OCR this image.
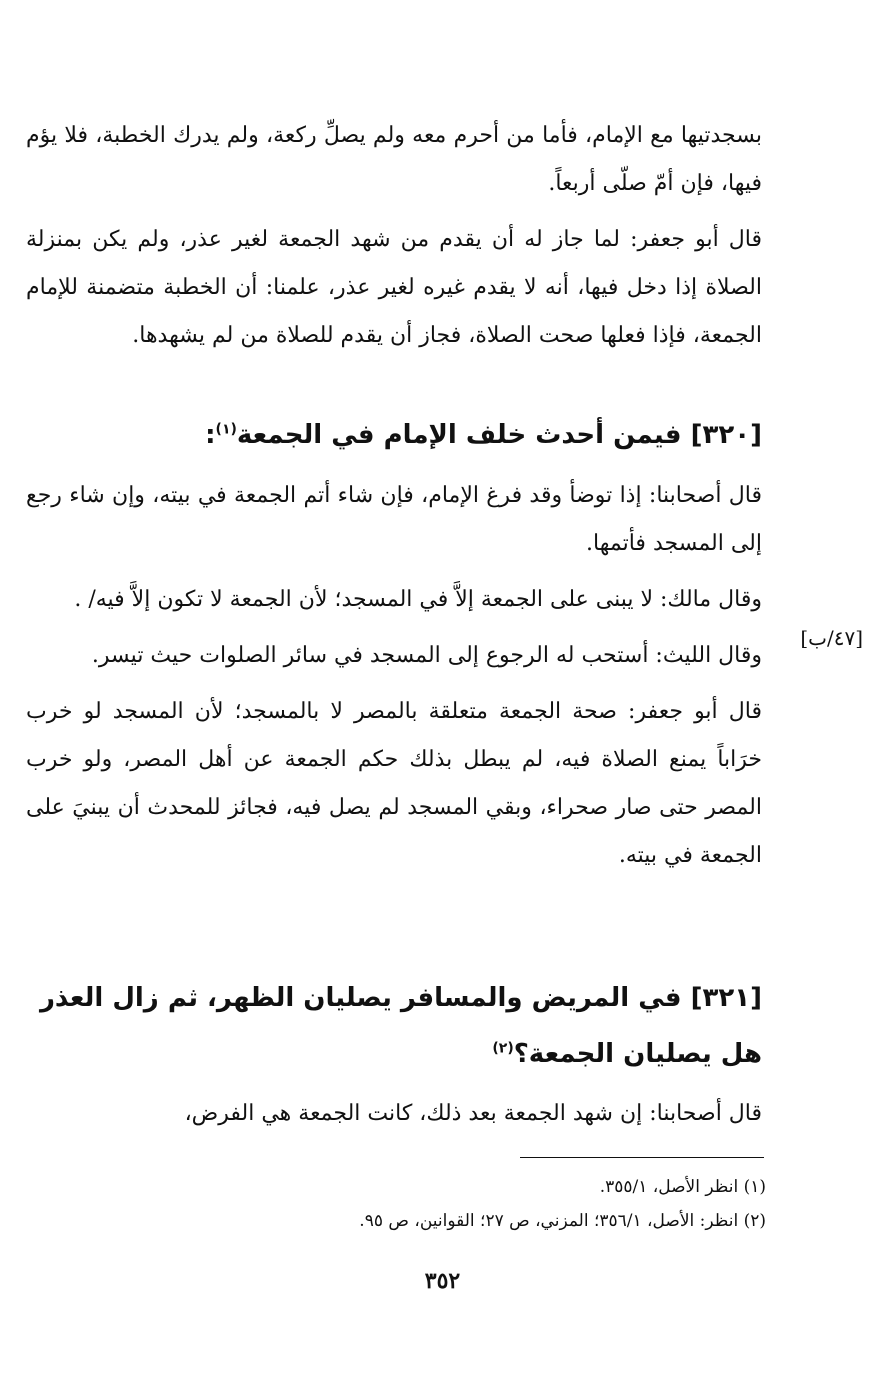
بسجدتيها مع الإمام، فأما من أحرم معه ولم يصلِّ ركعة، ولم يدرك الخطبة، فلا يؤم فيها، فإن أمّ صلّى أربعاً.

قال أبو جعفر: لما جاز له أن يقدم من شهد الجمعة لغير عذر، ولم يكن بمنزلة الصلاة إذا دخل فيها، أنه لا يقدم غيره لغير عذر، علمنا: أن الخطبة متضمنة للإمام الجمعة، فإذا فعلها صحت الصلاة، فجاز أن يقدم للصلاة من لم يشهدها.

[٣٢٠] فيمن أحدث خلف الإمام في الجمعة$^{(١)}$:

قال أصحابنا: إذا توضأ وقد فرغ الإمام، فإن شاء أتم الجمعة في بيته، وإن شاء رجع إلى المسجد فأتمها.

وقال مالك: لا يبنى على الجمعة إلاَّ في المسجد؛ لأن الجمعة لا تكون إلاَّ فيه/ .

وقال الليث: أستحب له الرجوع إلى المسجد في سائر الصلوات حيث تيسر.

قال أبو جعفر: صحة الجمعة متعلقة بالمصر لا بالمسجد؛ لأن المسجد لو خرب خرَاباً يمنع الصلاة فيه، لم يبطل بذلك حكم الجمعة عن أهل المصر، ولو خرب المصر حتى صار صحراء، وبقي المسجد لم يصل فيه، فجائز للمحدث أن يبنيَ على الجمعة في بيته.

[٤٧/ب]
[٣٢١] في المريض والمسافر يصليان الظهر، ثم زال العذر هل يصليان الجمعة؟$^{(٢)}$

قال أصحابنا: إن شهد الجمعة بعد ذلك، كانت الجمعة هي الفرض،

(١) انظر الأصل، ٣٥٥/١.

(٢) انظر: الأصل، ٣٥٦/١؛ المزني، ص ٢٧؛ القوانين، ص ٩٥.

٣٥٢
